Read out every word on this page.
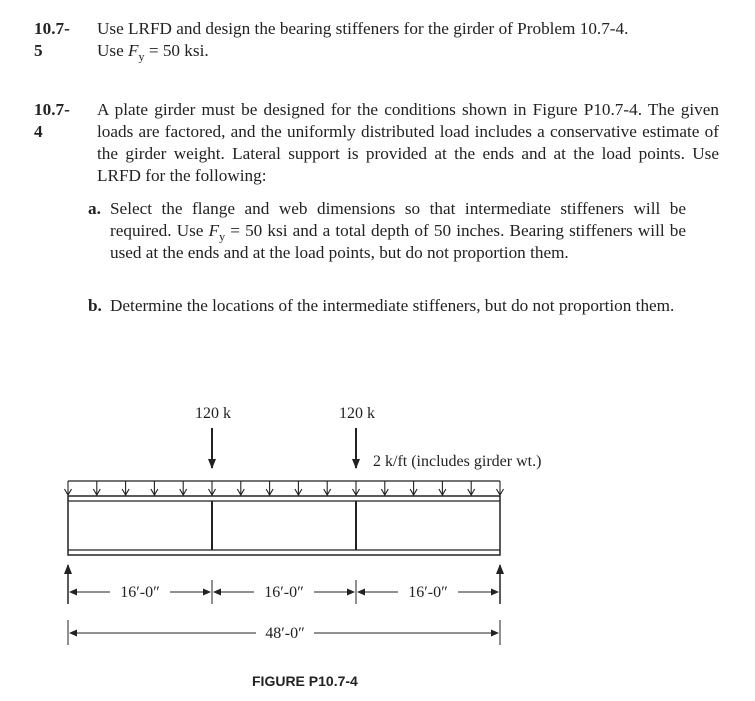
10.7-5
Use LRFD and design the bearing stiffeners for the girder of Problem 10.7-4.
Use $F_y = 50$ ksi.
10.7-4
A plate girder must be designed for the conditions shown in Figure P10.7-4. The given loads are factored, and the uniformly distributed load includes a conservative estimate of the girder weight. Lateral support is provided at the ends and at the load points. Use LRFD for the following:
a. Select the flange and web dimensions so that intermediate stiffeners will be required. Use $F_y = 50$ ksi and a total depth of 50 inches. Bearing stiffeners will be used at the ends and at the load points, but do not proportion them.
b. Determine the locations of the intermediate stiffeners, but do not proportion them.
120 k	120 k
2 k/ft (includes girder wt.)
16′-0″	16′-0″	16′-0″
48′-0″
FIGURE P10.7-4
